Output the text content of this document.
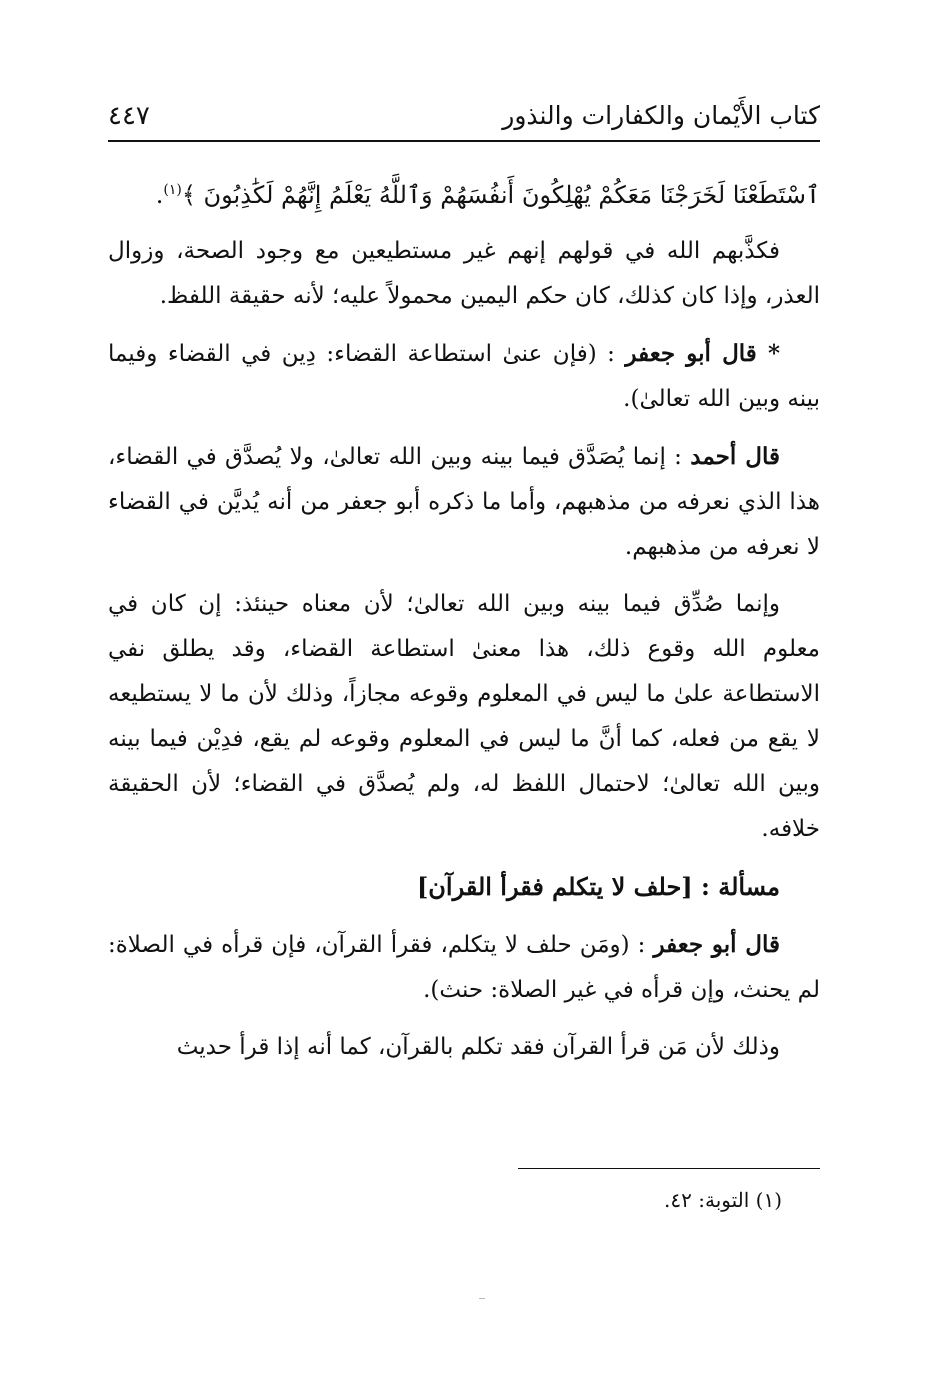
كتاب الأَيْمان والكفارات والنذور
٤٤٧
ٱسْتَطَعْنَا لَخَرَجْنَا مَعَكُمْ يُهْلِكُونَ أَنفُسَهُمْ وَٱللَّهُ يَعْلَمُ إِنَّهُمْ لَكَٰذِبُونَ ﴾$^{(١)}$.

فكذَّبهم الله في قولهم إنهم غير مستطيعين مع وجود الصحة، وزوال العذر، وإذا كان كذلك، كان حكم اليمين محمولاً عليه؛ لأنه حقيقة اللفظ.

* قال أبو جعفر : (فإن عنىٰ استطاعة القضاء: دِين في القضاء وفيما بينه وبين الله تعالىٰ).

قال أحمد : إنما يُصَدَّق فيما بينه وبين الله تعالىٰ، ولا يُصدَّق في القضاء، هذا الذي نعرفه من مذهبهم، وأما ما ذكره أبو جعفر من أنه يُديَّن في القضاء لا نعرفه من مذهبهم.

وإنما صُدِّق فيما بينه وبين الله تعالىٰ؛ لأن معناه حينئذ: إن كان في معلوم الله وقوع ذلك، هذا معنىٰ استطاعة القضاء، وقد يطلق نفي الاستطاعة علىٰ ما ليس في المعلوم وقوعه مجازاً، وذلك لأن ما لا يستطيعه لا يقع من فعله، كما أنَّ ما ليس في المعلوم وقوعه لم يقع، فدِيْن فيما بينه وبين الله تعالىٰ؛ لاحتمال اللفظ له، ولم يُصدَّق في القضاء؛ لأن الحقيقة خلافه.

مسألة : [حلف لا يتكلم فقرأ القرآن]

قال أبو جعفر : (ومَن حلف لا يتكلم، فقرأ القرآن، فإن قرأه في الصلاة: لم يحنث، وإن قرأه في غير الصلاة: حنث).

وذلك لأن مَن قرأ القرآن فقد تكلم بالقرآن، كما أنه إذا قرأ حديث

(١) التوبة: ٤٢.
